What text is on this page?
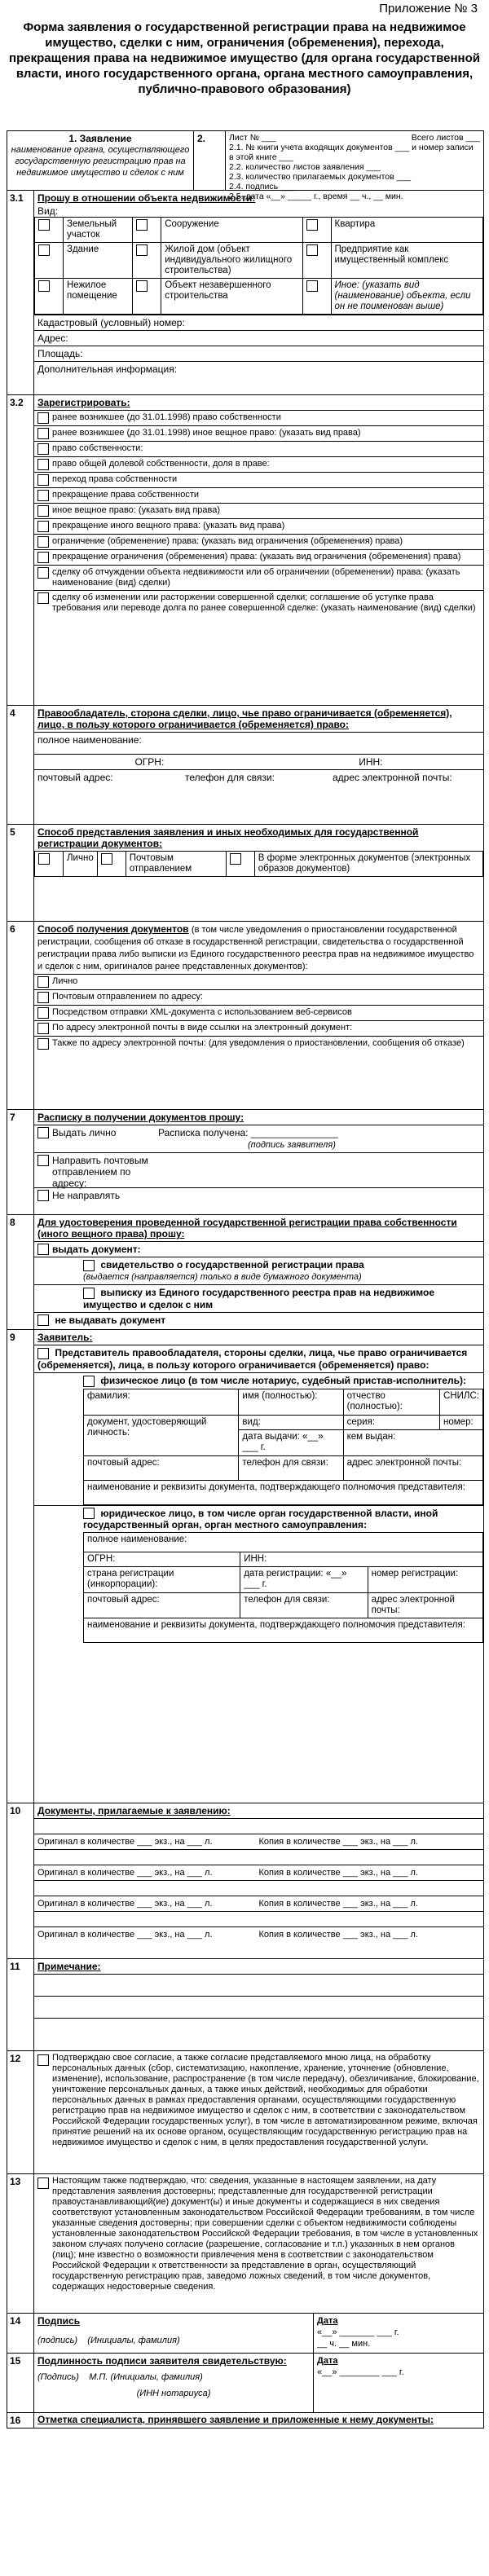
Приложение № 3
Форма заявления о государственной регистрации права на недвижимое имущество, сделки с ним, ограничения (обременения), перехода, прекращения права на недвижимое имущество (для органа государственной власти, иного государственного органа, органа местного самоуправления, публично-правового образования)
1. Заявление
наименование органа, осуществляющего государственную регистрацию прав на недвижимое имущество и сделок с ним
2.	Лист № ___	Всего листов ___
2.1. № книги учета входящих документов ___ и номер записи в этой книге ___
2.2. количество листов заявления ___
2.3. количество прилагаемых документов ___
2.4. подпись ___
2.5. дата «__» _____ г., время __ ч., __ мин.
3.1	Прошу в отношении объекта недвижимости:
Вид:
	Земельный участок		Сооружение		Квартира
	Здание		Жилой дом (объект индивидуального жилищного строительства)		Предприятие как имущественный комплекс
	Нежилое помещение		Объект незавершенного строительства		Иное: (указать вид (наименование) объекта, если он не поименован выше)
Кадастровый (условный) номер:
Адрес:
Площадь:
Дополнительная информация:
3.2	Зарегистрировать:
ранее возникшее (до 31.01.1998) право собственности
ранее возникшее (до 31.01.1998) иное вещное право: (указать вид права)
право собственности:
право общей долевой собственности, доля в праве:
переход права собственности
прекращение права собственности
иное вещное право: (указать вид права)
прекращение иного вещного права: (указать вид права)
ограничение (обременение) права: (указать вид ограничения (обременения) права)
прекращение ограничения (обременения) права: (указать вид ограничения (обременения) права)
сделку об отчуждении объекта недвижимости или об ограничении (обременении) права: (указать наименование (вид) сделки)
сделку об изменении или расторжении совершенной сделки; соглашение об уступке права требования или переводе долга по ранее совершенной сделке: (указать наименование (вид) сделки)
4	Правообладатель, сторона сделки, лицо, чье право ограничивается (обременяется), лицо, в пользу которого ограничивается (обременяется) право:
полное наименование:
ОГРН:	ИНН:
почтовый адрес:	телефон для связи:	адрес электронной почты:
5	Способ представления заявления и иных необходимых для государственной регистрации документов:
	Лично		Почтовым отправлением		В форме электронных документов (электронных образов документов)
6	Способ получения документов (в том числе уведомления о приостановлении государственной регистрации, сообщения об отказе в государственной регистрации, свидетельства о государственной регистрации права либо выписки из Единого государственного реестра прав на недвижимое имущество и сделок с ним, оригиналов ранее представленных документов):
Лично
Почтовым отправлением по адресу:
Посредством отправки XML-документа с использованием веб-сервисов
По адресу электронной почты в виде ссылки на электронный документ:
Также по адресу электронной почты: (для уведомления о приостановлении, сообщения об отказе)
7	Расписку в получении документов прошу:
Выдать лично	Расписка получена: ________________
(подпись заявителя)
Направить почтовым отправлением по адресу:
Не направлять
8	Для удостоверения проведенной государственной регистрации права собственности (иного вещного права) прошу:
выдать документ:
свидетельство о государственной регистрации права
(выдается (направляется) только в виде бумажного документа)
выписку из Единого государственного реестра прав на недвижимое имущество и сделок с ним
не выдавать документ
9	Заявитель:
Представитель правообладателя, стороны сделки, лица, чье право ограничивается (обременяется), лица, в пользу которого ограничивается (обременяется) право:
физическое лицо (в том числе нотариус, судебный пристав-исполнитель):
фамилия:	имя (полностью):	отчество (полностью):	СНИЛС:
документ, удостоверяющий личность:	вид:	серия:	номер:
	дата выдачи: «__» ___ г.	кем выдан:	
почтовый адрес:	телефон для связи:	адрес электронной почты:	
наименование и реквизиты документа, подтверждающего полномочия представителя:			
юридическое лицо, в том числе орган государственной власти, иной государственный орган, орган местного самоуправления:
полное наименование:		
ОГРН:	ИНН:	
страна регистрации (инкорпорации):	дата регистрации: «__» ___ г.	номер регистрации:
почтовый адрес:	телефон для связи:	адрес электронной почты:
наименование и реквизиты документа, подтверждающего полномочия представителя:		
10	Документы, прилагаемые к заявлению:
Оригинал в количестве ___ экз., на ___ л.	Копия в количестве ___ экз., на ___ л.
Оригинал в количестве ___ экз., на ___ л.	Копия в количестве ___ экз., на ___ л.
Оригинал в количестве ___ экз., на ___ л.	Копия в количестве ___ экз., на ___ л.
Оригинал в количестве ___ экз., на ___ л.	Копия в количестве ___ экз., на ___ л.
11	Примечание:
12	Подтверждаю свое согласие, а также согласие представляемого мною лица, на обработку персональных данных (сбор, систематизацию, накопление, хранение, уточнение (обновление, изменение), использование, распространение (в том числе передачу), обезличивание, блокирование, уничтожение персональных данных, а также иных действий, необходимых для обработки персональных данных в рамках предоставления органами, осуществляющими государственную регистрацию прав на недвижимое имущество и сделок с ним, в соответствии с законодательством Российской Федерации государственных услуг), в том числе в автоматизированном режиме, включая принятие решений на их основе органом, осуществляющим государственную регистрацию прав на недвижимое имущество и сделок с ним, в целях предоставления государственной услуги.
13	Настоящим также подтверждаю, что: сведения, указанные в настоящем заявлении, на дату представления заявления достоверны; представленные для государственной регистрации правоустанавливающий(ие) документ(ы) и иные документы и содержащиеся в них сведения соответствуют установленным законодательством Российской Федерации требованиям, в том числе указанные сведения достоверны; при совершении сделки с объектом недвижимости соблюдены установленные законодательством Российской Федерации требования, в том числе в установленных законом случаях получено согласие (разрешение, согласование и т.п.) указанных в нем органов (лиц); мне известно о возможности привлечения меня в соответствии с законодательством Российской Федерации к ответственности за представление в орган, осуществляющий государственную регистрацию прав, заведомо ложных сведений, в том числе документов, содержащих недостоверные сведения.
14	Подпись
(подпись) (Инициалы, фамилия)
Дата
«__» _______ ___ г.
__ ч. __ мин.
15	Подлинность подписи заявителя свидетельствую:
(Подпись) М.П. (Инициалы, фамилия)
(ИНН нотариуса)
Дата
«__» ________ ___ г.
16	Отметка специалиста, принявшего заявление и приложенные к нему документы:
